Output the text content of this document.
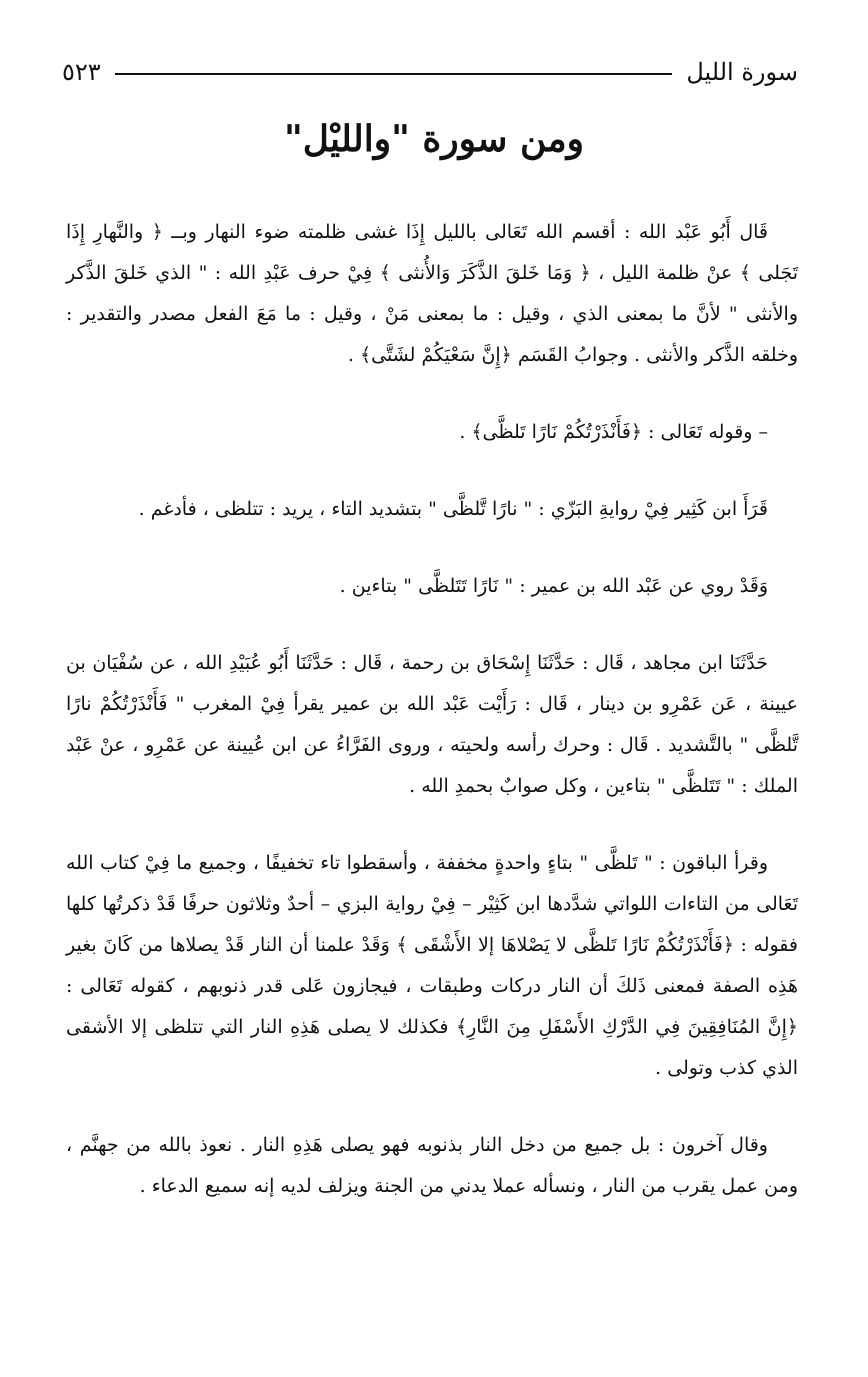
سورة الليل
٥٢٣
ومن سورة "والليْل"

قَال أَبُو عَبْد الله : أقسم الله تَعَالى بالليل إِذَا غشى ظلمته ضوء النهار وبــ ﴿ والنَّهارِ إِذَا تَجَلى ﴾ عنْ ظلمة الليل ، ﴿ وَمَا خَلقَ الذَّكَرَ وَالأُنثى ﴾ فِيْ حرف عَبْدِ الله : " الذي خَلقَ الذَّكر والأنثى " لأنَّ ما بمعنى الذي ، وقيل : ما بمعنى مَنْ ، وقيل : ما مَعَ الفعل مصدر والتقدير : وخلقه الذَّكر والأنثى . وجوابُ القَسَم ﴿إِنَّ سَعْيَكُمْ لشَتَّى﴾ .

– وقوله تَعَالى : ﴿فَأَنْذَرْتُكُمْ نَارًا تَلظَّى﴾ .

قَرَأَ ابن كَثِير فِيْ روايةِ البَزّي : " نارًا تَّلظَّى " بتشديد التاء ، يريد : تتلظى ، فأدغم .

وَقَدْ روي عن عَبْد الله بن عمير : " نَارًا تَتَلظَّى " بتاءين .

حَدَّثَنَا ابن مجاهد ، قَال : حَدَّثَنَا إِسْحَاق بن رحمة ، قَال : حَدَّثَنَا أَبُو عُبَيْدِ الله ، عن سُفْيَان بن عيينة ، عَن عَمْرِو بن دينار ، قَال : رَأَيْت عَبْد الله بن عمير يقرأ فِيْ المغرب " فَأَنْذَرْتُكُمْ نارًا تَّلظَّى " بالتَّشديد . قَال : وحرك رأسه ولحيته ، وروى الفَرَّاءُ عن ابن عُيينة عن عَمْرِو ، عنْ عَبْد الملك : " تَتَلظَّى " بتاءين ، وكل صوابٌ بحمدِ الله .

وقرأ الباقون : " تَلظَّى " بتاءٍ واحدةٍ مخففة ، وأسقطوا تاء تخفيفًا ، وجميع ما فِيْ كتاب الله تَعَالى من التاءات اللواتي شدَّدها ابن كَثِيْر – فِيْ رواية البزي – أحدٌ وثلاثون حرفًا قَدْ ذكرتُها كلها فقوله : ﴿فَأَنْذَرْتُكُمْ نَارًا تَلظَّى لا يَصْلاهَا إلا الأَشْقَى ﴾ وَقَدْ علمنا أن النار قَدْ يصلاها من كَانَ بغير هَذِه الصفة فمعنى ذَلكَ أن النار دركات وطبقات ، فيجازون عَلى قدر ذنوبهم ، كقوله تَعَالى : ﴿إِنَّ المُنَافِقِينَ فِي الدَّرْكِ الأَسْفَلِ مِنَ النَّارِ﴾ فكذلك لا يصلى هَذِهِ النار التي تتلظى إلا الأشقى الذي كذب وتولى .

وقال آخرون : بل جميع من دخل النار بذنوبه فهو يصلى هَذِهِ النار . نعوذ بالله من جهنَّم ، ومن عمل يقرب من النار ، ونسأله عملا يدني من الجنة ويزلف لديه إنه سميع الدعاء .
